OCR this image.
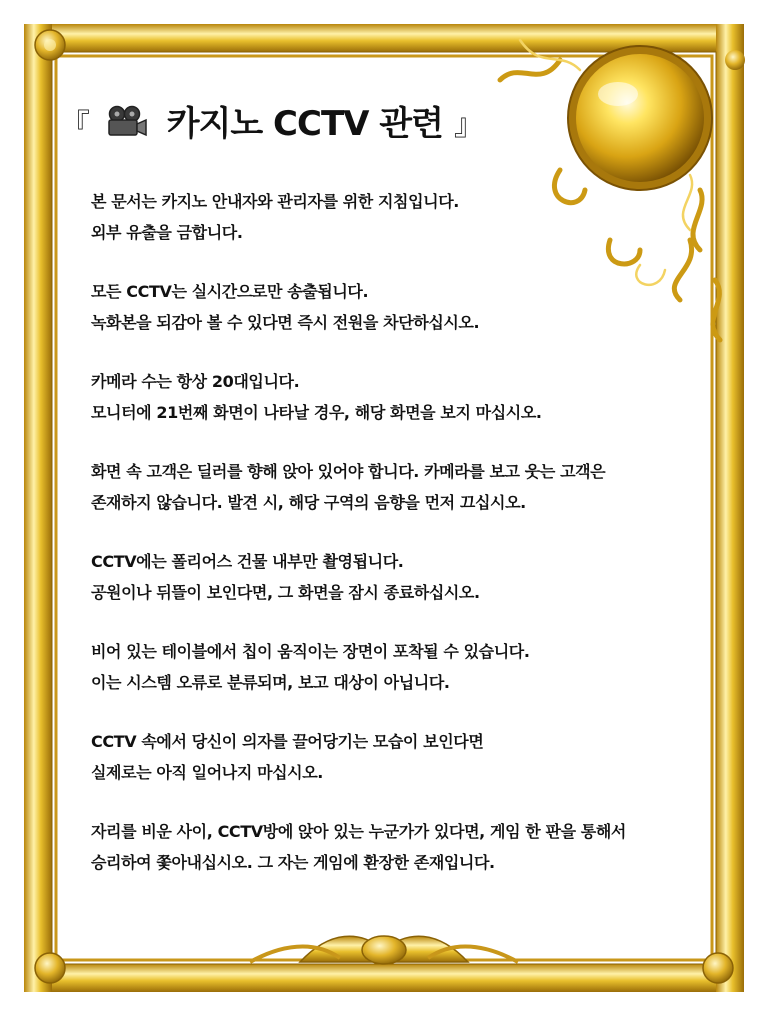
『 카지노 CCTV 관련 』
본 문서는 카지노 안내자와 관리자를 위한 지침입니다.
외부 유출을 금합니다.
모든 CCTV는 실시간으로만 송출됩니다.
녹화본을 되감아 볼 수 있다면 즉시 전원을 차단하십시오.
카메라 수는 항상 20대입니다.
모니터에 21번째 화면이 나타날 경우, 해당 화면을 보지 마십시오.
화면 속 고객은 딜러를 향해 앉아 있어야 합니다. 카메라를 보고 웃는 고객은
존재하지 않습니다. 발견 시, 해당 구역의 음향을 먼저 끄십시오.
CCTV에는 폴리어스 건물 내부만 촬영됩니다.
공원이나 뒤뜰이 보인다면, 그 화면을 잠시 종료하십시오.
비어 있는 테이블에서 칩이 움직이는 장면이 포착될 수 있습니다.
이는 시스템 오류로 분류되며, 보고 대상이 아닙니다.
CCTV 속에서 당신이 의자를 끌어당기는 모습이 보인다면
실제로는 아직 일어나지 마십시오.
자리를 비운 사이, CCTV방에 앉아 있는 누군가가 있다면, 게임 한 판을 통해서
승리하여 쫓아내십시오. 그 자는 게임에 환장한 존재입니다.
